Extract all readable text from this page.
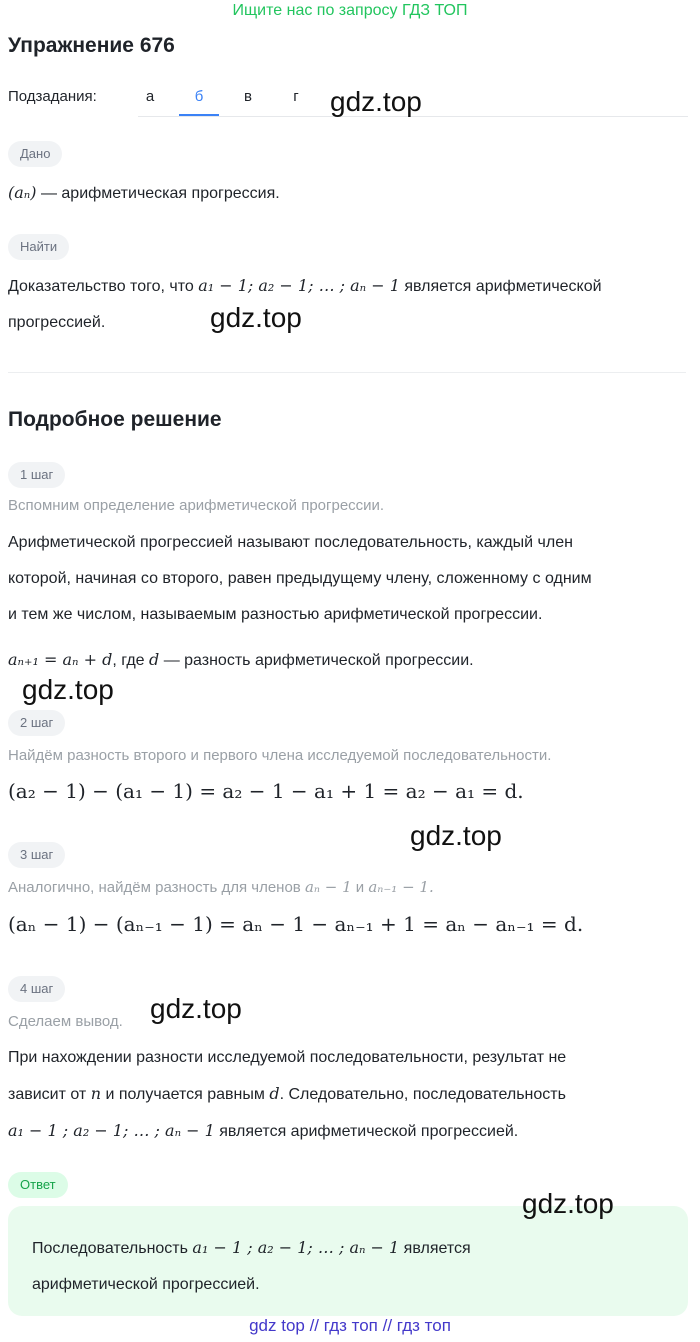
Ищите нас по запросу ГДЗ ТОП
Упражнение 676
Подзадания:	а	б	в	г
Дано
(aₙ) — арифметическая прогрессия.
Найти
Доказательство того, что a₁ − 1; a₂ − 1; … ; aₙ − 1 является арифметической
прогрессией.
Подробное решение
1 шаг
Вспомним определение арифметической прогрессии.
Арифметической прогрессией называют последовательность, каждый член
которой, начиная со второго, равен предыдущему члену, сложенному с одним
и тем же числом, называемым разностью арифметической прогрессии.
aₙ₊₁ = aₙ + d, где d — разность арифметической прогрессии.
2 шаг
Найдём разность второго и первого члена исследуемой последовательности.
(a₂ − 1) − (a₁ − 1) = a₂ − 1 − a₁ + 1 = a₂ − a₁ = d.
3 шаг
Аналогично, найдём разность для членов aₙ − 1 и aₙ₋₁ − 1.
(aₙ − 1) − (aₙ₋₁ − 1) = aₙ − 1 − aₙ₋₁ + 1 = aₙ − aₙ₋₁ = d.
4 шаг
Сделаем вывод.
При нахождении разности исследуемой последовательности, результат не
зависит от n и получается равным d. Следовательно, последовательность
a₁ − 1 ; a₂ − 1; … ; aₙ − 1 является арифметической прогрессией.
Ответ
Последовательность a₁ − 1 ; a₂ − 1; … ; aₙ − 1 является
арифметической прогрессией.
gdz.top
gdz.top
gdz.top
gdz.top
gdz.top
gdz.top
gdz top // гдз топ // гдз топ
